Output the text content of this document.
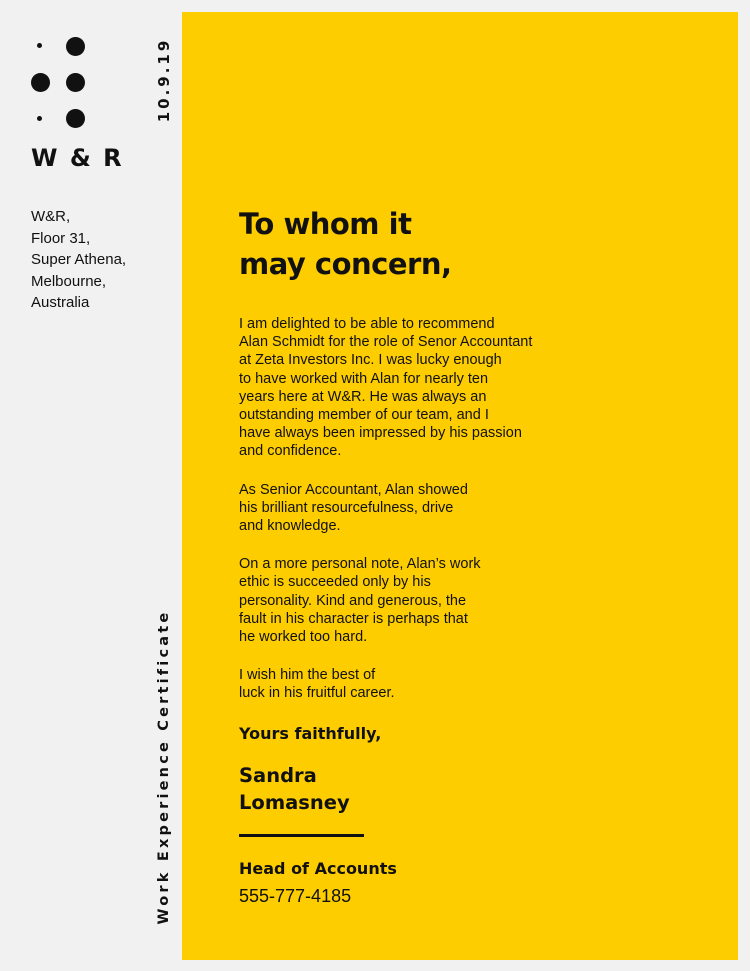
W & R
W&R,
Floor 31,
Super Athena,
Melbourne,
Australia
10.9.19
Work Experience Certificate
To whom it
may concern,
I am delighted to be able to recommend
Alan Schmidt for the role of Senor Accountant
at Zeta Investors Inc. I was lucky enough
to have worked with Alan for nearly ten
years here at W&R. He was always an
outstanding member of our team, and I
have always been impressed by his passion
and confidence.
As Senior Accountant, Alan showed
his brilliant resourcefulness, drive
and knowledge.
On a more personal note, Alan’s work
ethic is succeeded only by his
personality. Kind and generous, the
fault in his character is perhaps that
he worked too hard.
I wish him the best of
luck in his fruitful career.
Yours faithfully,
Sandra
Lomasney
Head of Accounts
555-777-4185
